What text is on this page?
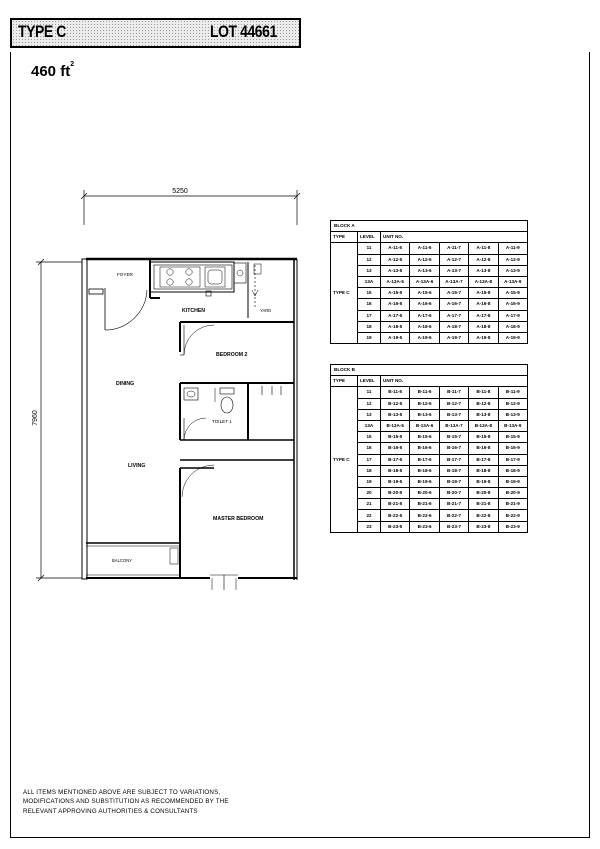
TYPE C	LOT 44661
460 $ft^2$
5250
7960
FOYER
KITCHEN	YARD
BEDROOM 2
DINING
TOILET 1
LIVING
MASTER BEDROOM
BALCONY
BLOCK A						
TYPE	LEVEL	UNIT NO.				
TYPE C	11	A-11-5	A-11-6	A-11-7	A-11-8	A-11-9
	12	A-12-5	A-12-6	A-12-7	A-12-8	A-12-9
	13	A-13-5	A-13-6	A-13-7	A-13-8	A-13-9
	13A	A-13A-5	A-13A-6	A-13A-7	A-13A-8	A-13A-9
	15	A-15-5	A-15-6	A-15-7	A-15-8	A-15-9
	16	A-16-5	A-16-6	A-16-7	A-16-8	A-16-9
	17	A-17-5	A-17-6	A-17-7	A-17-8	A-17-9
	18	A-18-5	A-18-6	A-18-7	A-18-8	A-18-9
	19	A-19-5	A-19-6	A-19-7	A-19-8	A-19-9
BLOCK B						
TYPE	LEVEL	UNIT NO.				
TYPE C	11	B-11-5	B-11-6	B-11-7	B-11-8	B-11-9
	12	B-12-5	B-12-6	B-12-7	B-12-8	B-12-9
	13	B-13-5	B-13-6	B-13-7	B-13-8	B-13-9
	13A	B-13A-5	B-13A-6	B-13A-7	B-13A-8	B-13A-9
	15	B-15-5	B-15-6	B-15-7	B-15-8	B-15-9
	16	B-16-5	B-16-6	B-16-7	B-16-8	B-16-9
	17	B-17-5	B-17-6	B-17-7	B-17-8	B-17-9
	18	B-18-5	B-18-6	B-18-7	B-18-8	B-18-9
	19	B-19-5	B-19-6	B-19-7	B-19-8	B-19-9
	20	B-20-5	B-20-6	B-20-7	B-20-8	B-20-9
	21	B-21-5	B-21-6	B-21-7	B-21-8	B-21-9
	22	B-22-5	B-22-6	B-22-7	B-22-8	B-22-9
	23	B-23-5	B-23-6	B-23-7	B-23-8	B-23-9
ALL ITEMS MENTIONED ABOVE ARE SUBJECT TO VARIATIONS,
MODIFICATIONS AND SUBSTITUTION AS RECOMMENDED BY THE
RELEVANT APPROVING AUTHORITIES & CONSULTANTS
